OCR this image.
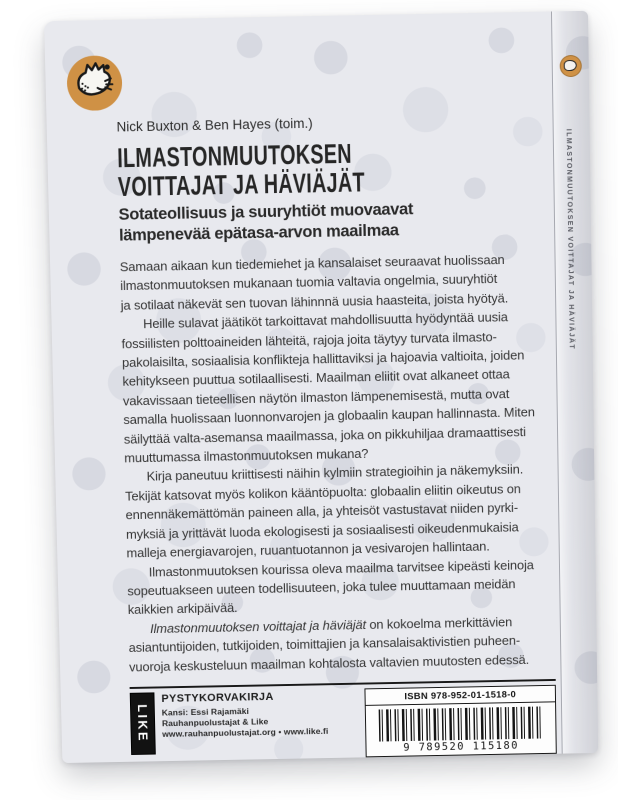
Nick Buxton & Ben Hayes (toim.)
ILMASTONMUUTOKSEN
VOITTAJAT JA HÄVIÄJÄT
Sotateollisuus ja suuryhtiöt muovaavat
lämpenevää epätasa-arvon maailmaa

Samaan aikaan kun tiedemiehet ja kansalaiset seuraavat huolissaan
ilmastonmuutoksen mukanaan tuomia valtavia ongelmia, suuryhtiöt
ja sotilaat näkevät sen tuovan lähinnnä uusia haasteita, joista hyötyä.

Heille sulavat jäätiköt tarkoittavat mahdollisuutta hyödyntää uusia
fossiilisten polttoaineiden lähteitä, rajoja joita täytyy turvata ilmasto-
pakolaisilta, sosiaalisia konflikteja hallittaviksi ja hajoavia valtioita, joiden
kehitykseen puuttua sotilaallisesti. Maailman eliitit ovat alkaneet ottaa
vakavissaan tieteellisen näytön ilmaston lämpenemisestä, mutta ovat
samalla huolissaan luonnonvarojen ja globaalin kaupan hallinnasta. Miten
säilyttää valta-asemansa maailmassa, joka on pikkuhiljaa dramaattisesti
muuttumassa ilmastonmuutoksen mukana?

Kirja paneutuu kriittisesti näihin kylmiin strategioihin ja näkemyksiin.
Tekijät katsovat myös kolikon kääntöpuolta: globaalin eliitin oikeutus on
ennennäkemättömän paineen alla, ja yhteisöt vastustavat niiden pyrki-
myksiä ja yrittävät luoda ekologisesti ja sosiaalisesti oikeudenmukaisia
malleja energiavarojen, ruuantuotannon ja vesivarojen hallintaan.

Ilmastonmuutoksen kourissa oleva maailma tarvitsee kipeästi keinoja
sopeutuakseen uuteen todellisuuteen, joka tulee muuttamaan meidän
kaikkien arkipäivää.

Ilmastonmuutoksen voittajat ja häviäjät on kokoelma merkittävien
asiantuntijoiden, tutkijoiden, toimittajien ja kansalaisaktivistien puheen-
vuoroja keskusteluun maailman kohtalosta valtavien muutosten edessä.

LIKE
PYSTYKORVAKIRJA
Kansi: Essi Rajamäki
Rauhanpuolustajat & Like
www.rauhanpuolustajat.org • www.like.fi
ISBN 978-952-01-1518-0
9 789520 115180
ILMASTONMUUTOKSEN VOITTAJAT JA HÄVIÄJÄT
